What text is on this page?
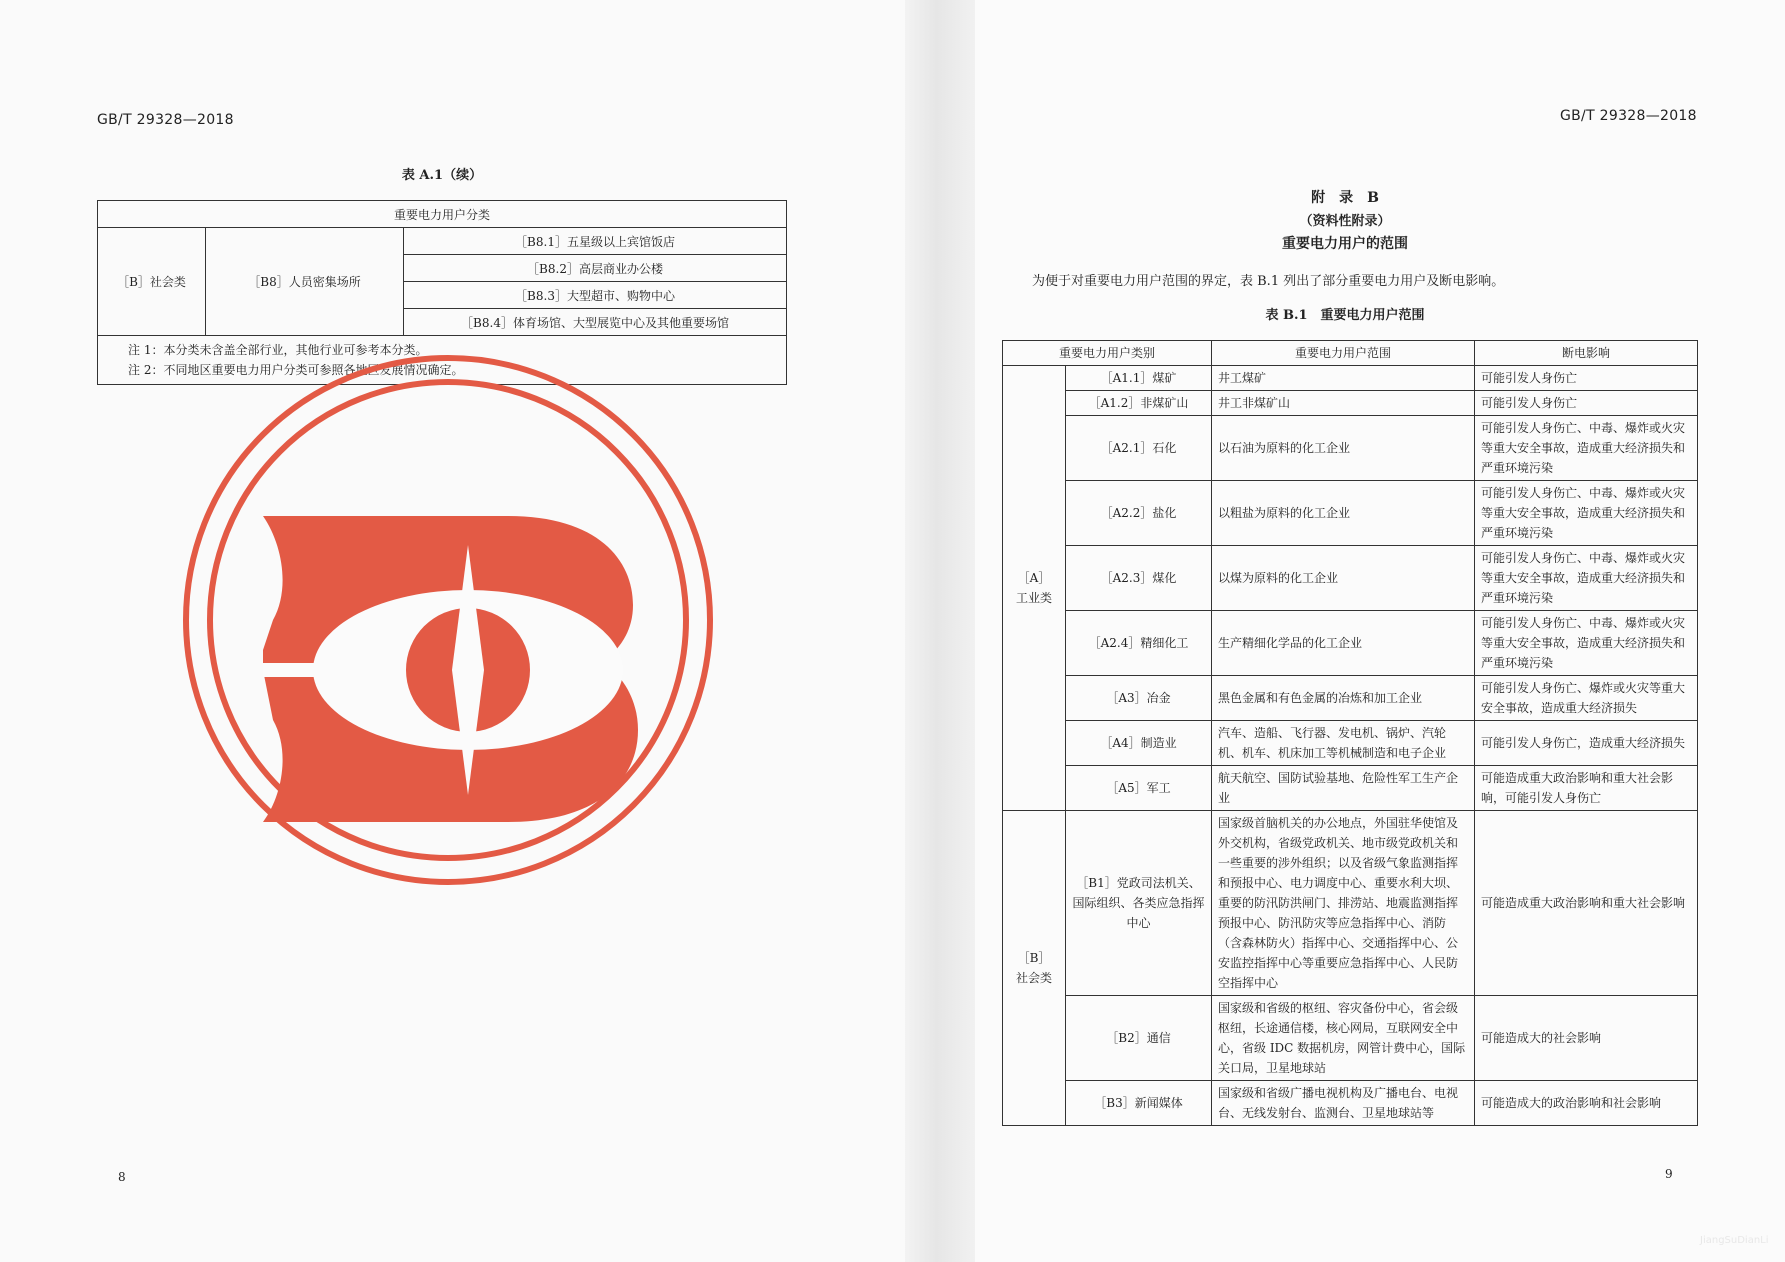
GB/T 29328—2018
表 A.1（续）
重要电力用户分类
［B］社会类	［B8］人员密集场所	［B8.1］五星级以上宾馆饭店
［B8.2］高层商业办公楼
［B8.3］大型超市、购物中心
［B8.4］体育场馆、大型展览中心及其他重要场馆

注 1：本分类未含盖全部行业，其他行业可参考本分类。
注 2：不同地区重要电力用户分类可参照各地区发展情况确定。
8
GB/T 29328—2018
附　录　B
（资料性附录）
重要电力用户的范围
为便于对重要电力用户范围的界定，表 B.1 列出了部分重要电力用户及断电影响。
表 B.1　重要电力用户范围
重要电力用户类别		重要电力用户范围	断电影响
［A］
工业类	［A1.1］煤矿	井工煤矿	可能引发人身伤亡
	［A1.2］非煤矿山	井工非煤矿山	可能引发人身伤亡
	［A2.1］石化	以石油为原料的化工企业	可能引发人身伤亡、中毒、爆炸或火灾等重大安全事故，造成重大经济损失和严重环境污染
	［A2.2］盐化	以粗盐为原料的化工企业	可能引发人身伤亡、中毒、爆炸或火灾等重大安全事故，造成重大经济损失和严重环境污染
	［A2.3］煤化	以煤为原料的化工企业	可能引发人身伤亡、中毒、爆炸或火灾等重大安全事故，造成重大经济损失和严重环境污染
	［A2.4］精细化工	生产精细化学品的化工企业	可能引发人身伤亡、中毒、爆炸或火灾等重大安全事故，造成重大经济损失和严重环境污染
	［A3］冶金	黑色金属和有色金属的冶炼和加工企业	可能引发人身伤亡、爆炸或火灾等重大安全事故，造成重大经济损失
	［A4］制造业	汽车、造船、飞行器、发电机、锅炉、汽轮机、机车、机床加工等机械制造和电子企业	可能引发人身伤亡，造成重大经济损失
	［A5］军工	航天航空、国防试验基地、危险性军工生产企业	可能造成重大政治影响和重大社会影响，可能引发人身伤亡
［B］
社会类	［B1］党政司法机关、国际组织、各类应急指挥中心	国家级首脑机关的办公地点，外国驻华使馆及外交机构，省级党政机关、地市级党政机关和一些重要的涉外组织；以及省级气象监测指挥和预报中心、电力调度中心、重要水利大坝、重要的防汛防洪闸门、排涝站、地震监测指挥预报中心、防汛防灾等应急指挥中心、消防（含森林防火）指挥中心、交通指挥中心、公安监控指挥中心等重要应急指挥中心、人民防空指挥中心	可能造成重大政治影响和重大社会影响
	［B2］通信	国家级和省级的枢纽、容灾备份中心，省会级枢纽，长途通信楼，核心网局，互联网安全中心，省级 IDC 数据机房，网管计费中心，国际关口局，卫星地球站	可能造成大的社会影响
	［B3］新闻媒体	国家级和省级广播电视机构及广播电台、电视台、无线发射台、监测台、卫星地球站等	可能造成大的政治影响和社会影响
9
JiangSuDianLi
